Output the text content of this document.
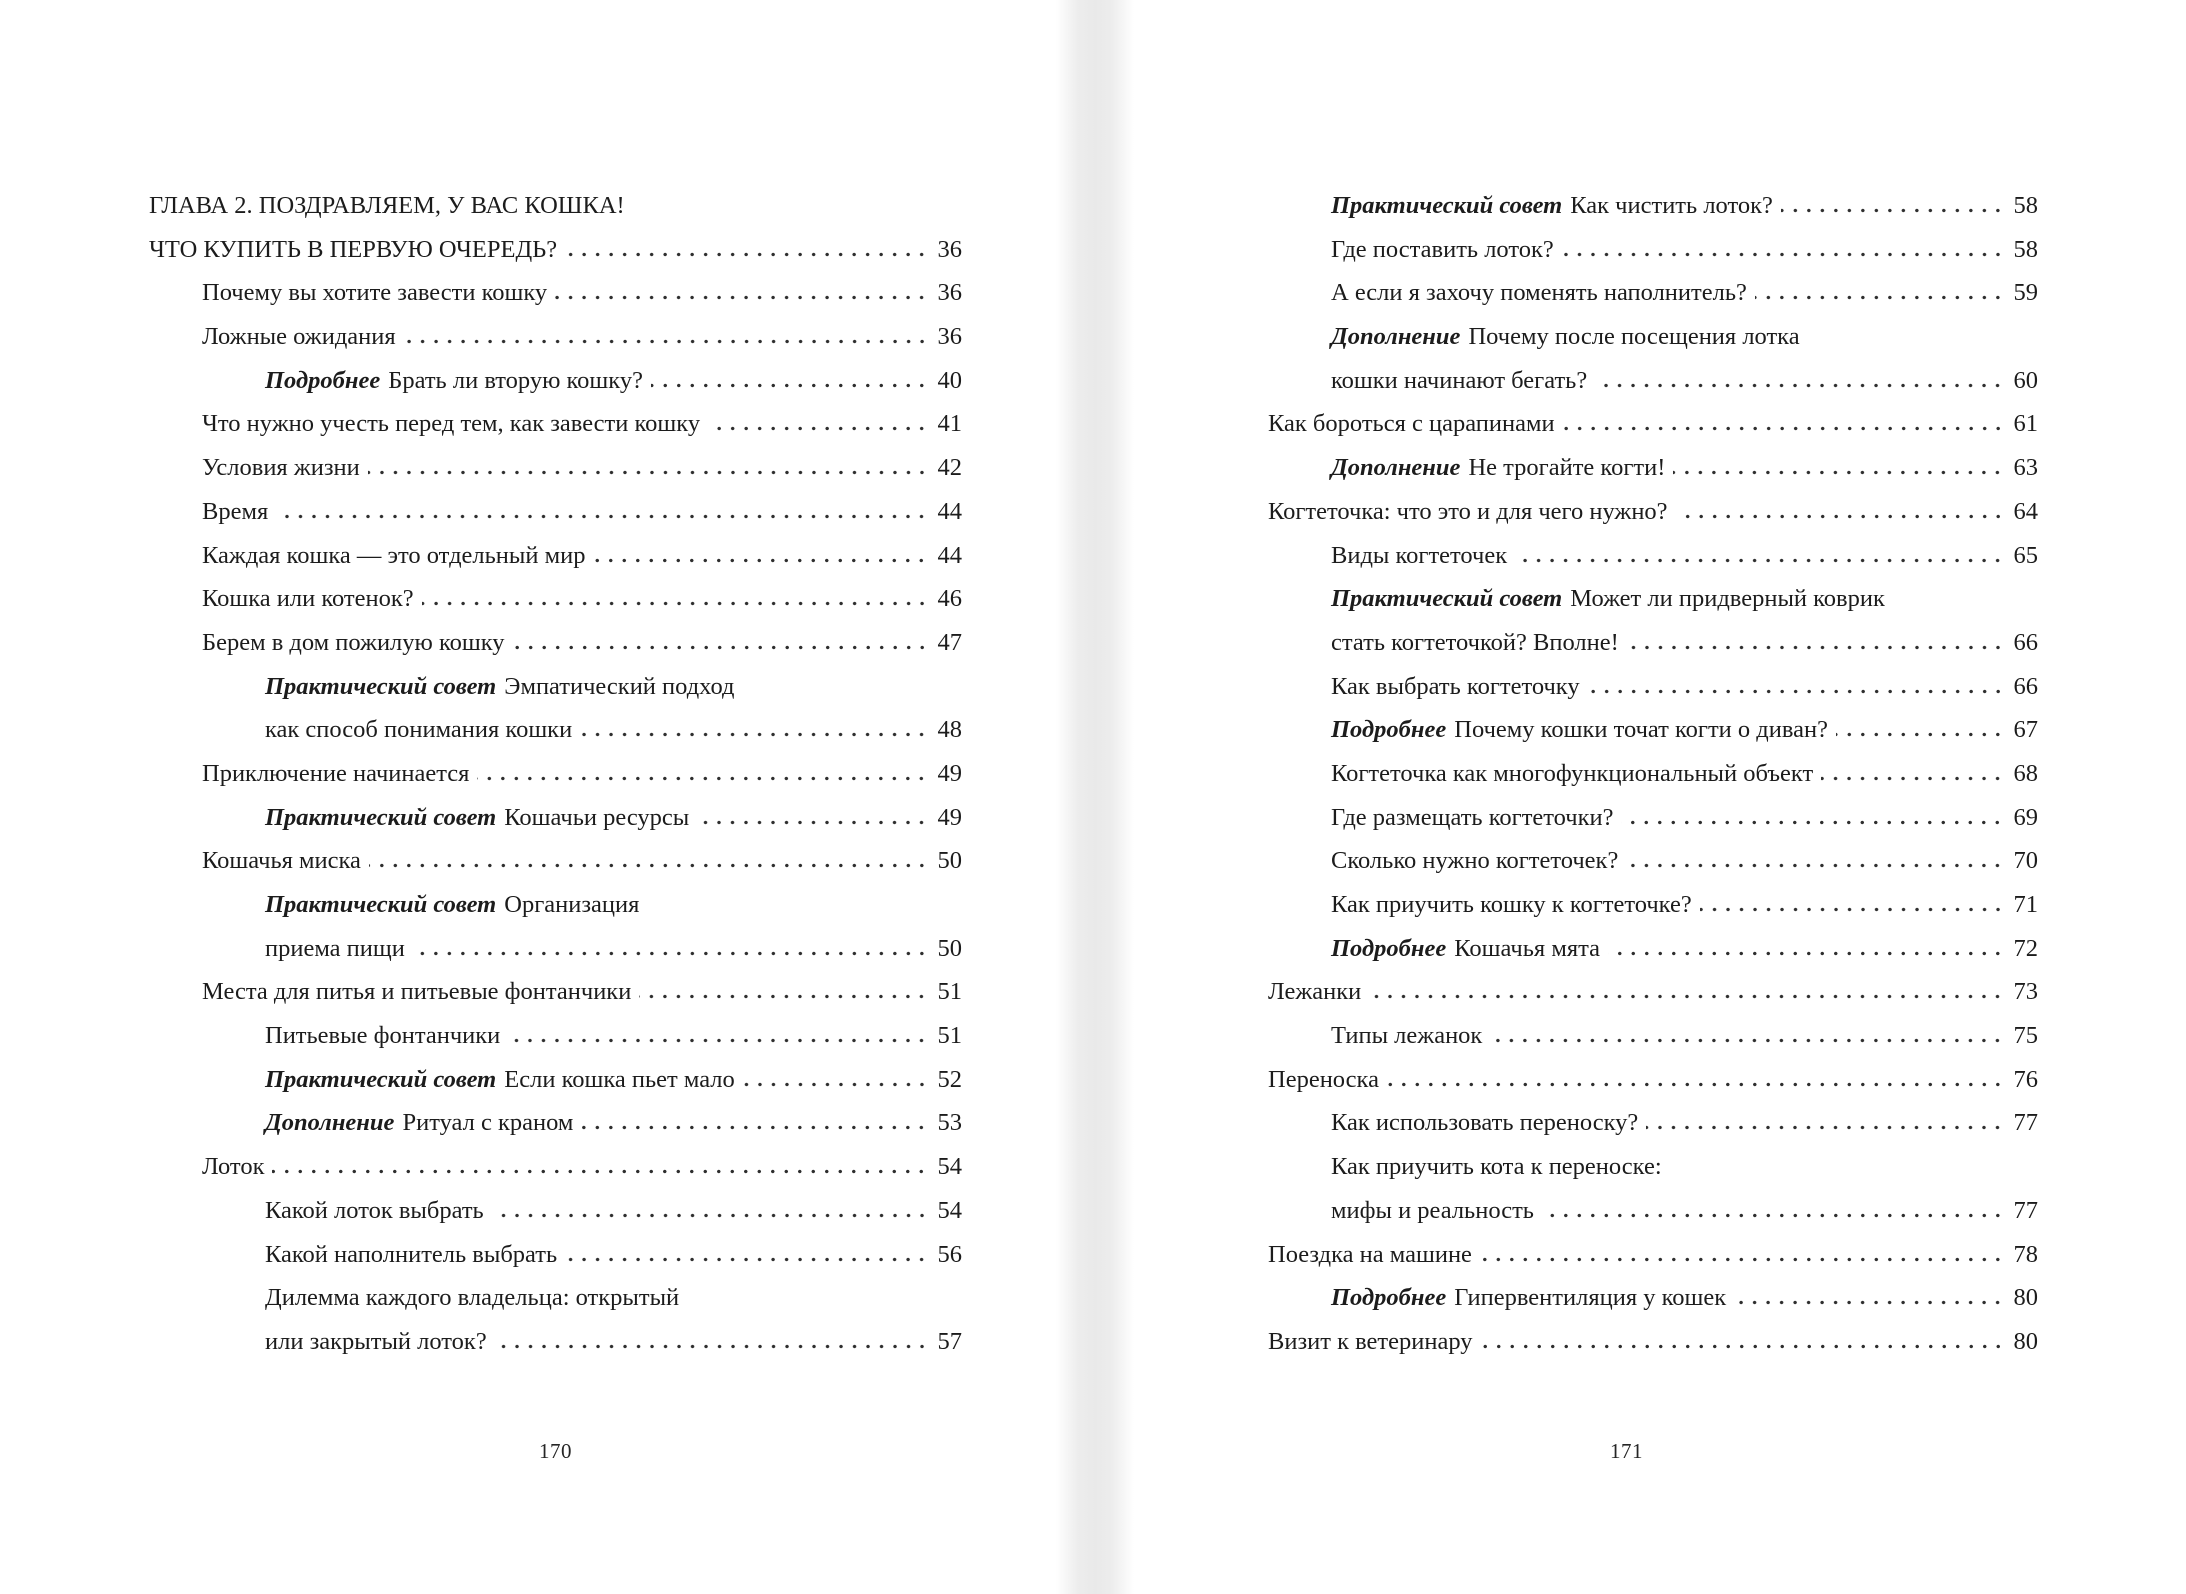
ГЛАВА 2. ПОЗДРАВЛЯЕМ, У ВАС КОШКА!
ЧТО КУПИТЬ В ПЕРВУЮ ОЧЕРЕДЬ?	36
Почему вы хотите завести кошку	36
Ложные ожидания	36
Подробнее Брать ли вторую кошку?	40
Что нужно учесть перед тем, как завести кошку	41
Условия жизни	42
Время	44
Каждая кошка — это отдельный мир	44
Кошка или котенок?	46
Берем в дом пожилую кошку	47
Практический совет Эмпатический подход
как способ понимания кошки	48
Приключение начинается	49
Практический совет Кошачьи ресурсы	49
Кошачья миска	50
Практический совет Организация
приема пищи	50
Места для питья и питьевые фонтанчики	51
Питьевые фонтанчики	51
Практический совет Если кошка пьет мало	52
Дополнение Ритуал с краном	53
Лоток	54
Какой лоток выбрать	54
Какой наполнитель выбрать	56
Дилемма каждого владельца: открытый
или закрытый лоток?	57
Практический совет Как чистить лоток?	58
Где поставить лоток?	58
А если я захочу поменять наполнитель?	59
Дополнение Почему после посещения лотка
кошки начинают бегать?	60
Как бороться с царапинами	61
Дополнение Не трогайте когти!	63
Когтеточка: что это и для чего нужно?	64
Виды когтеточек	65
Практический совет Может ли придверный коврик
стать когтеточкой? Вполне!	66
Как выбрать когтеточку	66
Подробнее Почему кошки точат когти о диван?	67
Когтеточка как многофункциональный объект	68
Где размещать когтеточки?	69
Сколько нужно когтеточек?	70
Как приучить кошку к когтеточке?	71
Подробнее Кошачья мята	72
Лежанки	73
Типы лежанок	75
Переноска	76
Как использовать переноску?	77
Как приучить кота к переноске:
мифы и реальность	77
Поездка на машине	78
Подробнее Гипервентиляция у кошек	80
Визит к ветеринару	80
170	171
